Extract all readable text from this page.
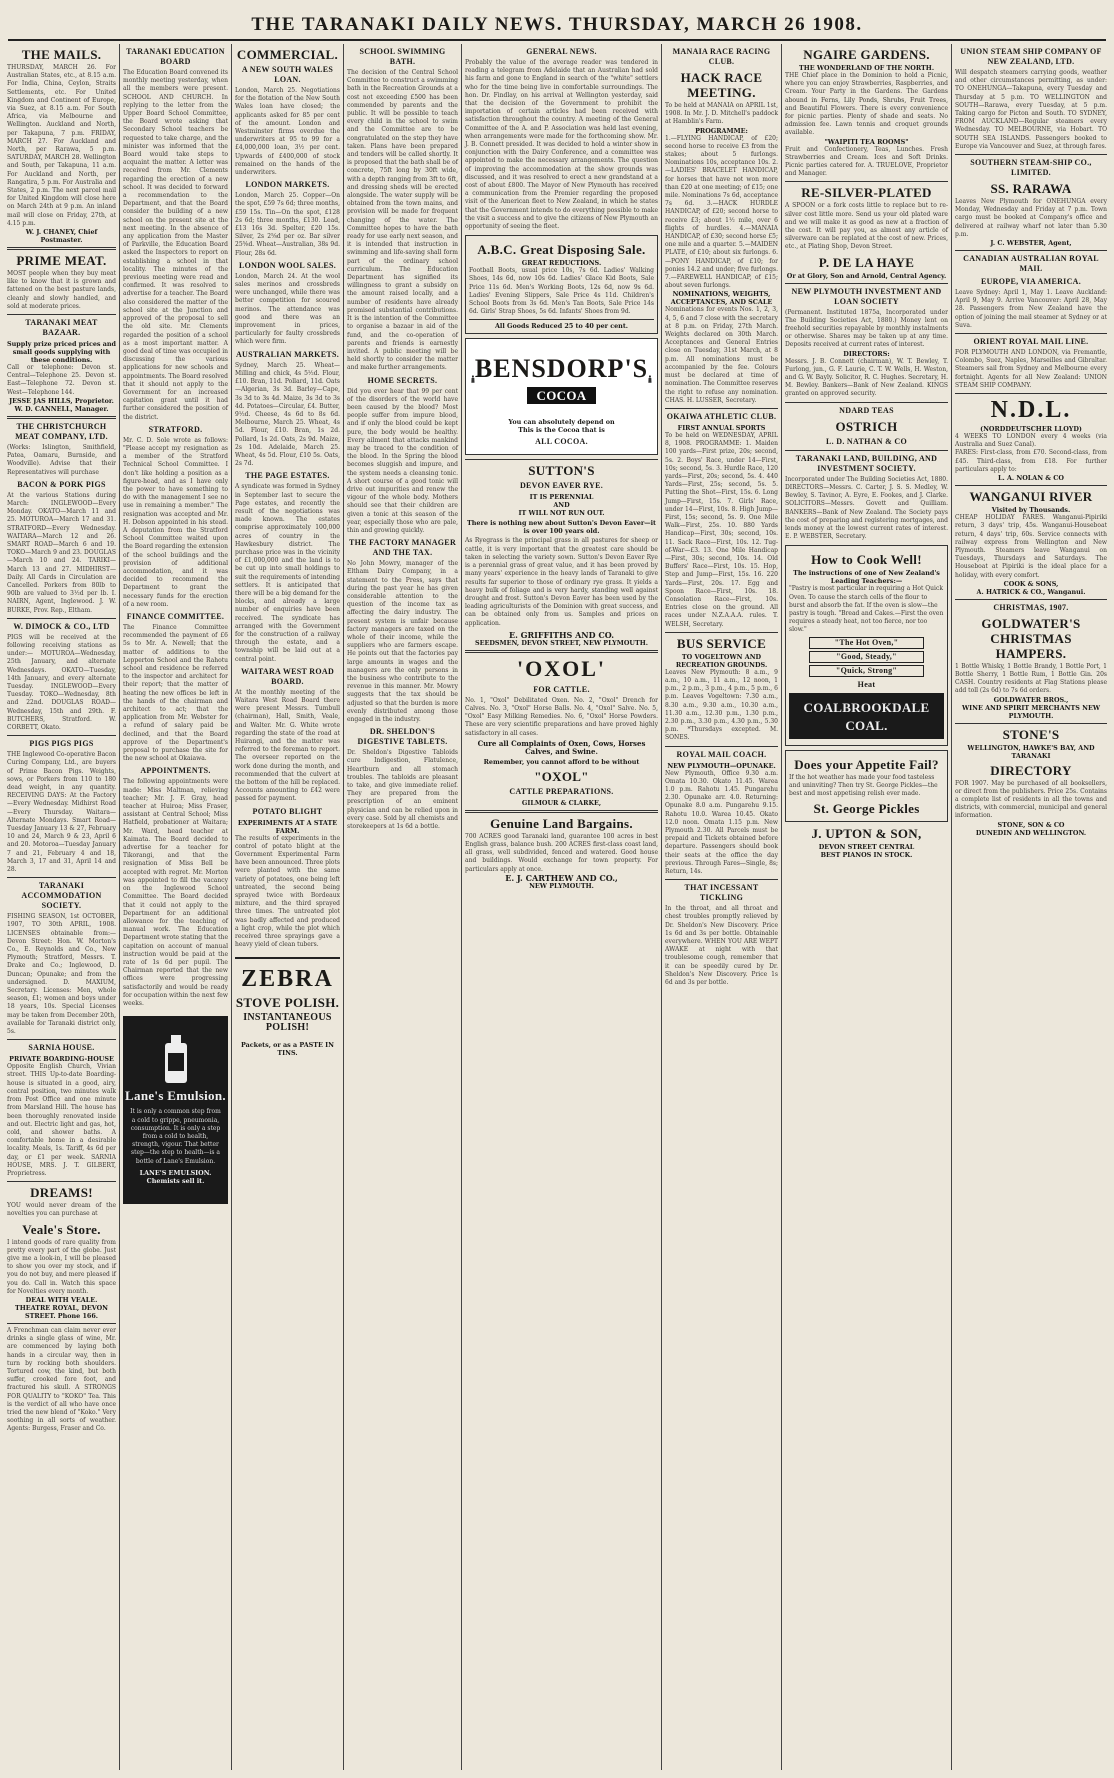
THE TARANAKI DAILY NEWS. THURSDAY, MARCH 26 1908.
THE MAILS.
THURSDAY, MARCH 26. For Australian States, etc., at 8.15 a.m. For India, China, Ceylon, Straits Settlements, etc. For United Kingdom and Continent of Europe, via Suez, at 8.15 a.m. For South Africa, via Melbourne and Wellington. Auckland and North, per Takapuna, 7 p.m. FRIDAY, MARCH 27. For Auckland and North, per Rarawa, 5 p.m. SATURDAY, MARCH 28. Wellington and South, per Takapuna, 11 a.m. For Auckland and North, per Rangatira, 5 p.m. For Australia and States, 2 p.m. The next parcel mail for United Kingdom will close here on March 24th at 9 p.m. An inland mail will close on Friday, 27th, at 4.15 p.m.
W. J. CHANEY, Chief Postmaster.
PRIME MEAT.
MOST people when they buy meat like to know that it is grown and fattened on the best pasture lands, cleanly and slowly handled, and sold at moderate prices.
TARANAKI MEAT BAZAAR.
Supply prize priced prices and small goods supplying with these conditions.
Call or telephone: Devon st. Central—Telephone 25. Devon st. East—Telephone 72. Devon st. West—Telephone 144.
JESSE JAS HILLS, Proprietor.
W. D. CANNELL, Manager.
THE CHRISTCHURCH MEAT COMPANY, LTD.
(Works: Islington, Smithfield, Patea, Oamaru, Burnside, and Woodville). Advise that their Representatives will purchase
BACON & PORK PIGS
At the various Stations during March: INGLEWOOD—Every Monday. OKATO—March 11 and 25. MOTUROA—March 17 and 31. STRATFORD—Every Wednesday. WAITARA—March 12 and 26. SMART ROAD—March 6 and 19. TOKO—March 9 and 23. DOUGLAS—March 10 and 24. TARIKI—March 13 and 27. MIDHIRST—Daily. All Cards in Circulation are Cancelled. Porkers from 80lb to 90lb are valued to 3½d per lb. I. NAIRN, Agent, Inglewood. J. W. BURKE, Prov. Rep., Eltham.
W. DIMOCK & CO., LTD
PIGS will be received at the following receiving stations as under:— MOTUROA—Wednesday, 25th January, and alternate Wednesdays. OKATO—Tuesday, 14th January, and every alternate Tuesday. INGLEWOOD—Every Tuesday. TOKO—Wednesday, 8th and 22nd. DOUGLAS ROAD—Wednesday, 15th and 29th. F. BUTCHERS, Stratford. W. CORBETT, Okato.
PIGS PIGS PIGS
THE Inglewood Co-operative Bacon Curing Company, Ltd., are buyers of Prime Bacon Pigs. Weights, sows, or Porkers from 110 to 180 dead weight, in any quantity. RECEIVING DAYS: At the Factory—Every Wednesday. Midhirst Road—Every Thursday. Waitara—Alternate Mondays. Smart Road—Tuesday January 13 & 27, February 10 and 24, March 9 & 23, April 6 and 20. Motoroa—Tuesday January 7 and 21, February 4 and 18, March 3, 17 and 31, April 14 and 28.
TARANAKI ACCOMMODATION SOCIETY.
FISHING SEASON, 1st OCTOBER, 1907, TO 30th APRIL, 1908. LICENSES obtainable from:— Devon Street: Hon. W. Morton's Co., E. Reynolds and Co., New Plymouth; Stratford, Messrs. T. Drake and Co.; Inglewood, D. Duncan; Opunake; and from the undersigned. D. MAXIUM, Secretary. Licenses: Men, whole season, £1; women and boys under 18 years, 10s. Special Licenses may be taken from December 20th, available for Taranaki district only, 5s.
SARNIA HOUSE.
PRIVATE BOARDING-HOUSE
Opposite English Church, Vivian street. THIS Up-to-date Boarding-house is situated in a good, airy, central position, two minutes walk from Post Office and one minute from Marsland Hill. The house has been thoroughly renovated inside and out. Electric light and gas, hot, cold, and shower baths. A comfortable home in a desirable locality. Meals, 1s. Tariff, 4s 6d per day, or £1 per week. SARNIA HOUSE, MRS. J. T. GILBERT, Proprietress.
DREAMS!
YOU would never dream of the novelties you can purchase at
Veale's Store.
I intend goods of rare quality from pretty every part of the globe. Just give me a look-in, I will be pleased to show you over my stock, and if you do not buy, and mere pleased if you do. Call in. Watch this space for Novelties every month.
DEAL WITH VEALE. THEATRE ROYAL, DEVON STREET. Phone 166.
A Frenchman can claim never ever drinks a single glass of wine, Mr. are commenced by laying both hands in a circular way, then in turn by rocking both shoulders. Tortured cow, the kind, but both suffer, crooked fore foot, and fractured his skull. A STRONGS FOR QUALITY to "KOKO" Tea. This is the verdict of all who have once tried the new blend of "Koko." Very soothing in all sorts of weather. Agents: Burgess, Fraser and Co.
TARANAKI EDUCATION BOARD
The Education Board convened its monthly meeting yesterday, when all the members were present. SCHOOL AND CHURCH. In replying to the letter from the Upper Board School Committee, the Board wrote asking that Secondary School teachers be requested to take charge, and the minister was informed that the Board would take steps to acquaint the matter. A letter was received from Mr. Clements regarding the erection of a new school. It was decided to forward a recommendation to the Department, and that the Board consider the building of a new school on the present site at the next meeting. In the absence of any application from the Master of Parkville, the Education Board asked the Inspectors to report on establishing a school in that locality. The minutes of the previous meeting were read and confirmed. It was resolved to advertise for a teacher. The Board also considered the matter of the school site at the Junction and approved of the proposal to sell the old site. Mr. Clements regarded the position of a school as a most important matter. A good deal of time was occupied in discussing the various applications for new schools and appointments. The Board resolved that it should not apply to the Government for an increased capitation grant until it had further considered the position of the district.
STRATFORD.
Mr. C. D. Sole wrote as follows: "Please accept my resignation as a member of the Stratford Technical School Committee. I don't like holding a position as a figure-head, and as I have only the power to have something to do with the management I see no use in remaining a member." The resignation was accepted and Mr. H. Dobson appointed in his stead. A deputation from the Stratford School Committee waited upon the Board regarding the extension of the school buildings and the provision of additional accommodation, and it was decided to recommend the Department to grant the necessary funds for the erection of a new room.
FINANCE COMMITTEE.
The Finance Committee recommended the payment of £6 5s to Mr. A. Newell; that the matter of additions to the Lepperton School and the Rahotu school and residence be referred to the inspector and architect for their report; that the matter of heating the new offices be left in the hands of the chairman and architect to act; that the application from Mr. Webster for a refund of salary paid be declined, and that the Board approve of the Department's proposal to purchase the site for the new school at Okaiawa.
APPOINTMENTS.
The following appointments were made: Miss Maltman, relieving teacher; Mr. J. F. Gray, head teacher at Huiroa; Miss Fraser, assistant at Central School; Miss Hatfield, probationer at Waitara; Mr. Ward, head teacher at Kaimata. The Board decided to advertise for a teacher for Tikorangi, and that the resignation of Miss Bell be accepted with regret. Mr. Morton was appointed to fill the vacancy on the Inglewood School Committee. The Board decided that it could not apply to the Department for an additional allowance for the teaching of manual work. The Education Department wrote stating that the capitation on account of manual instruction would be paid at the rate of 1s 6d per pupil. The Chairman reported that the new offices were progressing satisfactorily and would be ready for occupation within the next few weeks.
Lane's Emulsion.
It is only a common step from a cold to grippe, pneumonia, consumption. It is only a step from a cold to health, strength, vigour. That better step—the step to health—is a bottle of Lane's Emulsion.
LANE'S EMULSION. Chemists sell it.
COMMERCIAL.
A NEW SOUTH WALES LOAN.
London, March 25. Negotiations for the flotation of the New South Wales loan have closed; the applicants asked for 85 per cent of the amount. London and Westminster firms overdue the underwriters at 95 to 99 for a £4,000,000 loan, 3½ per cent. Upwards of £400,000 of stock remained on the hands of the underwriters.
LONDON MARKETS.
London, March 25. Copper—On the spot, £59 7s 6d; three months, £59 15s. Tin—On the spot, £128 2s 6d; three months, £130. Lead, £13 16s 3d. Spelter, £20 15s. Silver, 2s 2⅝d per oz. Bar silver 25⅝d. Wheat—Australian, 38s 9d. Flour, 28s 6d.
LONDON WOOL SALES.
London, March 24. At the wool sales merinos and crossbreds were unchanged, while there was better competition for scoured merinos. The attendance was good and there was an improvement in prices, particularly for faulty crossbreds which were firm.
AUSTRALIAN MARKETS.
Sydney, March 25. Wheat—Milling and chick, 4s 5½d. Flour, £10. Bran, 11d. Pollard, 11d. Oats—Algerian, 3s 3d. Barley—Cape, 3s 3d to 3s 4d. Maize, 3s 3d to 3s 4d. Potatoes—Circular, £4. Butter, 9½d. Cheese, 4s 6d to 8s 6d. Melbourne, March 25. Wheat, 4s 5d. Flour, £10. Bran, 1s 2d. Pollard, 1s 2d. Oats, 2s 9d. Maize, 2s 10d. Adelaide, March 25. Wheat, 4s 5d. Flour, £10 5s. Oats, 2s 7d.
THE PAGE ESTATES.
A syndicate was formed in Sydney in September last to secure the Page estates, and recently the result of the negotiations was made known. The estates comprise approximately 100,000 acres of country in the Hawkesbury district. The purchase price was in the vicinity of £1,000,000 and the land is to be cut up into small holdings to suit the requirements of intending settlers. It is anticipated that there will be a big demand for the blocks, and already a large number of enquiries have been received. The syndicate has arranged with the Government for the construction of a railway through the estate, and a township will be laid out at a central point.
WAITARA WEST ROAD BOARD.
At the monthly meeting of the Waitara West Road Board there were present Messrs. Tumbull (chairman), Hall, Smith, Veale, and Walter. Mr. G. White wrote regarding the state of the road at Huirangi, and the matter was referred to the foreman to report. The overseer reported on the work done during the month, and recommended that the culvert at the bottom of the hill be replaced. Accounts amounting to £42 were passed for payment.
POTATO BLIGHT
EXPERIMENTS AT A STATE FARM.
The results of experiments in the control of potato blight at the Government Experimental Farm have been announced. Three plots were planted with the same variety of potatoes, one being left untreated, the second being sprayed twice with Bordeaux mixture, and the third sprayed three times. The untreated plot was badly affected and produced a light crop, while the plot which received three sprayings gave a heavy yield of clean tubers.
ZEBRA
STOVE POLISH.
INSTANTANEOUS POLISH!
Packets, or as a PASTE IN TINS.
SCHOOL SWIMMING BATH.
The decision of the Central School Committee to construct a swimming bath in the Recreation Grounds at a cost not exceeding £500 has been commended by parents and the public. It will be possible to teach every child in the school to swim and the Committee are to be congratulated on the step they have taken. Plans have been prepared and tenders will be called shortly. It is proposed that the bath shall be of concrete, 75ft long by 30ft wide, with a depth ranging from 3ft to 6ft, and dressing sheds will be erected alongside. The water supply will be obtained from the town mains, and provision will be made for frequent changing of the water. The Committee hopes to have the bath ready for use early next season, and it is intended that instruction in swimming and life-saving shall form part of the ordinary school curriculum. The Education Department has signified its willingness to grant a subsidy on the amount raised locally, and a number of residents have already promised substantial contributions. It is the intention of the Committee to organise a bazaar in aid of the fund, and the co-operation of parents and friends is earnestly invited. A public meeting will be held shortly to consider the matter and make further arrangements.
HOME SECRETS.
Did you ever hear that 99 per cent of the disorders of the world have been caused by the blood? Most people suffer from impure blood, and if only the blood could be kept pure, the body would be healthy. Every ailment that attacks mankind may be traced to the condition of the blood. In the Spring the blood becomes sluggish and impure, and the system needs a cleansing tonic. A short course of a good tonic will drive out impurities and renew the vigour of the whole body. Mothers should see that their children are given a tonic at this season of the year, especially those who are pale, thin and growing quickly.
THE FACTORY MANAGER AND THE TAX.
No John Mowry, manager of the Eltham Dairy Company, in a statement to the Press, says that during the past year he has given considerable attention to the question of the income tax as affecting the dairy industry. The present system is unfair because factory managers are taxed on the whole of their income, while the suppliers who are farmers escape. He points out that the factories pay large amounts in wages and the managers are the only persons in the business who contribute to the revenue in this manner. Mr. Mowry suggests that the tax should be adjusted so that the burden is more evenly distributed among those engaged in the industry.
DR. SHELDON'S DIGESTIVE TABLETS.
Dr. Sheldon's Digestive Tabloids cure Indigestion, Flatulence, Heartburn and all stomach troubles. The tabloids are pleasant to take, and give immediate relief. They are prepared from the prescription of an eminent physician and can be relied upon in every case. Sold by all chemists and storekeepers at 1s 6d a bottle.
GENERAL NEWS.
Probably the value of the average reader was tendered in reading a telegram from Adelaide that an Australian had sold his farm and gone to England in search of the "white" settlers who for the time being live in comfortable surroundings. The hon. Dr. Findlay, on his arrival at Wellington yesterday, said that the decision of the Government to prohibit the importation of certain articles had been received with satisfaction throughout the country. A meeting of the General Committee of the A. and P. Association was held last evening, when arrangements were made for the forthcoming show. Mr. J. B. Connett presided. It was decided to hold a winter show in conjunction with the Dairy Conference, and a committee was appointed to make the necessary arrangements. The question of improving the accommodation at the show grounds was discussed, and it was resolved to erect a new grandstand at a cost of about £800. The Mayor of New Plymouth has received a communication from the Premier regarding the proposed visit of the American fleet to New Zealand, in which he states that the Government intends to do everything possible to make the visit a success and to give the citizens of New Plymouth an opportunity of seeing the fleet.
A.B.C. Great Disposing Sale.
GREAT REDUCTIONS.
Football Boots, usual price 10s, 7s 6d. Ladies' Walking Shoes, 14s 6d, now 10s 6d. Ladies' Glace Kid Boots, Sale Price 11s 6d. Men's Working Boots, 12s 6d, now 9s 6d. Ladies' Evening Slippers, Sale Price 4s 11d. Children's School Boots from 3s 6d. Men's Tan Boots, Sale Price 14s 6d. Girls' Strap Shoes, 5s 6d. Infants' Shoes from 9d.
All Goods Reduced 25 to 40 per cent.
BENSDORP'S
COCOA
You can absolutely depend on
This is the Cocoa that is
ALL COCOA.
SUTTON'S
DEVON EAVER RYE.
IT IS PERENNIAL
AND
IT WILL NOT RUN OUT.
There is nothing new about Sutton's Devon Eaver—it is over 100 years old.
As Ryegrass is the principal grass in all pastures for sheep or cattle, it is very important that the greatest care should be taken in selecting the variety sown. Sutton's Devon Eaver Rye is a perennial grass of great value, and it has been proved by many years' experience in the heavy lands of Taranaki to give results far superior to those of ordinary rye grass. It yields a heavy bulk of foliage and is very hardy, standing well against drought and frost. Sutton's Devon Eaver has been used by the leading agriculturists of the Dominion with great success, and can be obtained only from us. Samples and prices on application.
E. GRIFFITHS AND CO.
SEEDSMEN, DEVON STREET, NEW PLYMOUTH.
'OXOL'
FOR CATTLE.
No. 1, "Oxol" Debilitated Oxen. No. 2, "Oxol" Drench for Calves. No. 3, "Oxol" Horse Balls. No. 4, "Oxol" Salve. No. 5, "Oxol" Easy Milking Remedies. No. 6, "Oxol" Horse Powders. These are very scientific preparations and have proved highly satisfactory in all cases.
Cure all Complaints of Oxen, Cows, Horses Calves, and Swine.
Remember, you cannot afford to be without
"OXOL"
CATTLE PREPARATIONS.
GILMOUR & CLARKE,
Genuine Land Bargains.
700 ACRES good Taranaki land, guarantee 100 acres in best English grass, balance bush. 200 ACRES first-class coast land, all grass, well subdivided, fenced and watered. Good house and buildings. Would exchange for town property. For particulars apply at once.
E. J. CARTHEW AND CO.,
NEW PLYMOUTH.
MANAIA RACE RACING CLUB.
HACK RACE MEETING.
To be held at MANAIA on APRIL 1st, 1908. In Mr. J. D. Mitchell's paddock at Hamblin's Farm.
PROGRAMME:
1.—FLYING HANDICAP, of £20; second horse to receive £3 from the stakes; about 5 furlongs. Nominations 10s, acceptance 10s. 2.—LADIES' BRACELET HANDICAP, for horses that have not won more than £20 at one meeting; of £15; one mile. Nominations 7s 6d, acceptance 7s 6d. 3.—HACK HURDLE HANDICAP, of £20; second horse to receive £3; about 1½ mile, over 6 flights of hurdles. 4.—MANAIA HANDICAP, of £30; second horse £5; one mile and a quarter. 5.—MAIDEN PLATE, of £10; about six furlongs. 6.—PONY HANDICAP, of £10; for ponies 14.2 and under; five furlongs. 7.—FAREWELL HANDICAP, of £15; about seven furlongs.
NOMINATIONS, WEIGHTS, ACCEPTANCES, AND SCALE
Nominations for events Nos. 1, 2, 3, 4, 5, 6 and 7 close with the secretary at 8 p.m. on Friday, 27th March. Weights declared on 30th March. Acceptances and General Entries close on Tuesday, 31st March, at 8 p.m. All nominations must be accompanied by the fee. Colours must be declared at time of nomination. The Committee reserves the right to refuse any nomination. CHAS. H. LUSSER, Secretary.
OKAIWA ATHLETIC CLUB.
FIRST ANNUAL SPORTS
To be held on WEDNESDAY, APRIL 8, 1908. PROGRAMME: 1. Maiden 100 yards—First prize, 20s; second, 5s. 2. Boys' Race, under 14—First, 10s; second, 5s. 3. Hurdle Race, 120 yards—First, 20s; second, 5s. 4. 440 Yards—First, 25s; second, 5s. 5. Putting the Shot—First, 15s. 6. Long Jump—First, 15s. 7. Girls' Race, under 14—First, 10s. 8. High Jump—First, 15s; second, 5s. 9. One Mile Walk—First, 25s. 10. 880 Yards Handicap—First, 30s; second, 10s. 11. Sack Race—First, 10s. 12. Tug-of-War—£3. 13. One Mile Handicap—First, 30s; second, 10s. 14. Old Buffers' Race—First, 10s. 15. Hop, Step and Jump—First, 15s. 16. 220 Yards—First, 20s. 17. Egg and Spoon Race—First, 10s. 18. Consolation Race—First, 10s. Entries close on the ground. All races under N.Z.A.A.A. rules. T. WELSH, Secretary.
BUS SERVICE
TO VOGELTOWN AND RECREATION GROUNDS.
Leaves New Plymouth: 8 a.m., 9 a.m., 10 a.m., 11 a.m., 12 noon, 1 p.m., 2 p.m., 3 p.m., 4 p.m., 5 p.m., 6 p.m. Leaves Vogeltown: 7.30 a.m., 8.30 a.m., 9.30 a.m., 10.30 a.m., 11.30 a.m., 12.30 p.m., 1.30 p.m., 2.30 p.m., 3.30 p.m., 4.30 p.m., 5.30 p.m. *Thursdays excepted. M. SONES.
ROYAL MAIL COACH.
NEW PLYMOUTH—OPUNAKE.
New Plymouth, Office 9.30 a.m. Omata 10.30. Okato 11.45. Warea 1.0 p.m. Rahotu 1.45. Pungarehu 2.30. Opunake arr. 4.0. Returning: Opunake 8.0 a.m. Pungarehu 9.15. Rahotu 10.0. Warea 10.45. Okato 12.0 noon. Omata 1.15 p.m. New Plymouth 2.30. All Parcels must be prepaid and Tickets obtained before departure. Passengers should book their seats at the office the day previous. Through Fares—Single, 8s; Return, 14s.
THAT INCESSANT TICKLING
In the throat, and all throat and chest troubles promptly relieved by Dr. Sheldon's New Discovery. Price 1s 6d and 3s per bottle. Obtainable everywhere. WHEN YOU ARE WEPT AWAKE at night with that troublesome cough, remember that it can be speedily cured by Dr. Sheldon's New Discovery. Price 1s 6d and 3s per bottle.
NGAIRE GARDENS.
THE WONDERLAND OF THE NORTH.
THE Chief place in the Dominion to hold a Picnic, where you can enjoy Strawberries, Raspberries, and Cream. Your Party in the Gardens. The Gardens abound in Ferns, Lily Ponds, Shrubs, Fruit Trees, and Beautiful Flowers. There is every convenience for picnic parties. Plenty of shade and seats. No admission fee. Lawn tennis and croquet grounds available.
"WAIPITI TEA ROOMS"
Fruit and Confectionery, Teas, Lunches. Fresh Strawberries and Cream. Ices and Soft Drinks. Picnic parties catered for. A. TRUELOVE, Proprietor and Manager.
RE-SILVER-PLATED
A SPOON or a fork costs little to replace but to re-silver cost little more. Send us your old plated ware and we will make it as good as new at a fraction of the cost. It will pay you, as almost any article of silverware can be replated at the cost of new. Prices, etc., at Plating Shop, Devon Street.
P. DE LA HAYE
Or at Glory, Son and Arnold, Central Agency.
NEW PLYMOUTH INVESTMENT AND LOAN SOCIETY
(Permanent. Instituted 1875a, Incorporated under The Building Societies Act, 1880.) Money lent on freehold securities repayable by monthly instalments or otherwise. Shares may be taken up at any time. Deposits received at current rates of interest.
DIRECTORS:
Messrs. J. B. Connett (chairman), W. T. Bewley, T. Furlong, jun., G. F. Laurie, C. T. W. Wells, H. Weston, and G. W. Bayly. Solicitor, R. C. Hughes. Secretary, H. M. Bewley. Bankers—Bank of New Zealand. KINGS granted on approved security.
NDARD TEAS
OSTRICH
L. D. NATHAN & CO
TARANAKI LAND, BUILDING, AND INVESTMENT SOCIETY.
Incorporated under The Building Societies Act, 1880. DIRECTORS—Messrs. C. Carter, J. S. S. Medley, W. Bewley, S. Tavinor, A. Eyre, E. Fookes, and J. Clarke. SOLICITORS—Messrs. Govett and Quilliam. BANKERS—Bank of New Zealand. The Society pays the cost of preparing and registering mortgages, and lends money at the lowest current rates of interest. E. P. WEBSTER, Secretary.
How to Cook Well!
The instructions of one of New Zealand's Leading Teachers:—
"Pastry is most particular in requiring a Hot Quick Oven. To cause the starch cells of the flour to burst and absorb the fat. If the oven is slow—the pastry is tough. "Bread and Cakes.—First the oven requires a steady heat, not too fierce, nor too slow."
"The Hot Oven,"
"Good, Steady,"
"Quick, Strong"
Heat
COALBROOKDALE
COAL.
Does your Appetite Fail?
If the hot weather has made your food tasteless and uninviting? Then try St. George Pickles—the best and most appetising relish ever made.
St. George Pickles
J. UPTON & SON,
DEVON STREET CENTRAL
BEST PIANOS IN STOCK.
UNION STEAM SHIP COMPANY OF NEW ZEALAND, LTD.
Will despatch steamers carrying goods, weather and other circumstances permitting, as under: TO ONEHUNGA—Takapuna, every Tuesday and Thursday at 5 p.m. TO WELLINGTON and SOUTH—Rarawa, every Tuesday, at 5 p.m. Taking cargo for Picton and South. TO SYDNEY, FROM AUCKLAND—Regular steamers every Wednesday. TO MELBOURNE, via Hobart. TO SOUTH SEA ISLANDS. Passengers booked to Europe via Vancouver and Suez, at through fares.
SOUTHERN STEAM-SHIP CO., LIMITED.
SS. RARAWA
Leaves New Plymouth for ONEHUNGA every Monday, Wednesday and Friday at 7 p.m. Town cargo must be booked at Company's office and delivered at railway wharf not later than 5.30 p.m.
J. C. WEBSTER, Agent,
CANADIAN AUSTRALIAN ROYAL MAIL
EUROPE, VIA AMERICA.
Leave Sydney: April 1, May 1. Leave Auckland: April 9, May 9. Arrive Vancouver: April 28, May 28. Passengers from New Zealand have the option of joining the mail steamer at Sydney or at Suva.
ORIENT ROYAL MAIL LINE.
FOR PLYMOUTH AND LONDON, via Fremantle, Colombo, Suez, Naples, Marseilles and Gibraltar. Steamers sail from Sydney and Melbourne every fortnight. Agents for all New Zealand: UNION STEAM SHIP COMPANY.
N.D.L.
(NORDDEUTSCHER LLOYD)
4 WEEKS TO LONDON every 4 weeks (via Australia and Suez Canal).
FARES: First-class, from £70. Second-class, from £45. Third-class, from £18. For further particulars apply to:
L. A. NOLAN & CO
WANGANUI RIVER
Visited by Thousands.
CHEAP HOLIDAY FARES. Wanganui-Pipiriki return, 3 days' trip, 45s. Wanganui-Houseboat return, 4 days' trip, 60s. Service connects with railway express from Wellington and New Plymouth. Steamers leave Wanganui on Tuesdays, Thursdays and Saturdays. The Houseboat at Pipiriki is the ideal place for a holiday, with every comfort.
COOK & SONS,
A. HATRICK & CO., Wanganui.
CHRISTMAS, 1907.
GOLDWATER'S CHRISTMAS HAMPERS.
1 Bottle Whisky, 1 Bottle Brandy, 1 Bottle Port, 1 Bottle Sherry, 1 Bottle Rum, 1 Bottle Gin. 20s CASH. Country residents at Flag Stations please add toll (2s 6d) to 7s 6d orders.
GOLDWATER BROS.,
WINE AND SPIRIT MERCHANTS NEW PLYMOUTH.
STONE'S
WELLINGTON, HAWKE'S BAY, AND TARANAKI
DIRECTORY
FOR 1907. May be purchased of all booksellers, or direct from the publishers. Price 25s. Contains a complete list of residents in all the towns and districts, with commercial, municipal and general information.
STONE, SON & CO
DUNEDIN AND WELLINGTON.
